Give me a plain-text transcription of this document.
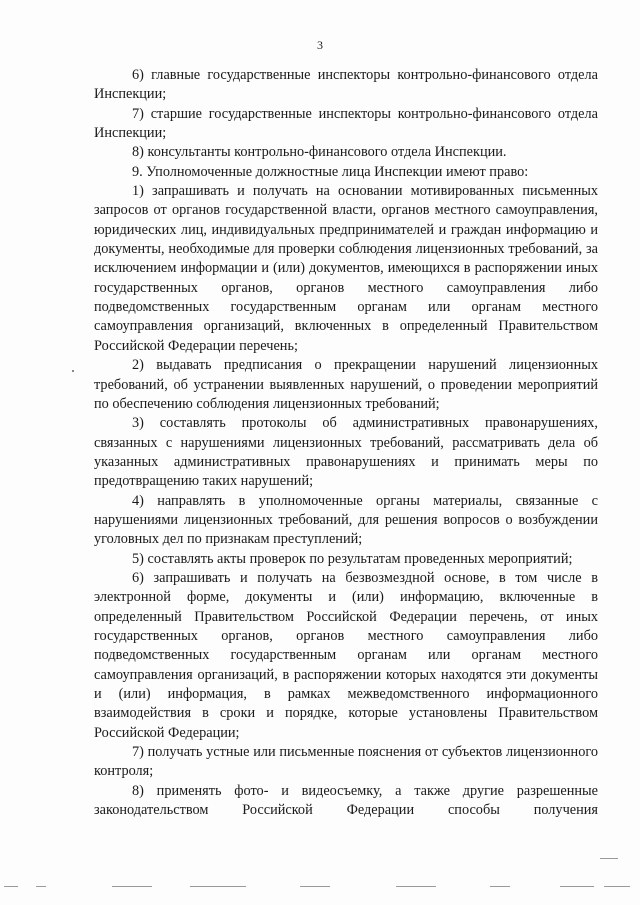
3

6) главные государственные инспекторы контрольно-финансового отдела Инспекции;

7) старшие государственные инспекторы контрольно-финансового отдела Инспекции;

8) консультанты контрольно-финансового отдела Инспекции.

9. Уполномоченные должностные лица Инспекции имеют право:

1) запрашивать и получать на основании мотивированных письменных запросов от органов государственной власти, органов местного самоуправления, юридических лиц, индивидуальных предпринимателей и граждан информацию и документы, необходимые для проверки соблюдения лицензионных требований, за исключением информации и (или) документов, имеющихся в распоряжении иных государственных органов, органов местного самоуправления либо подведомственных государственным органам или органам местного самоуправления организаций, включенных в определенный Правительством Российской Федерации перечень;

2) выдавать предписания о прекращении нарушений лицензионных требований, об устранении выявленных нарушений, о проведении мероприятий по обеспечению соблюдения лицензионных требований;

3) составлять протоколы об административных правонарушениях, связанных с нарушениями лицензионных требований, рассматривать дела об указанных административных правонарушениях и принимать меры по предотвращению таких нарушений;

4) направлять в уполномоченные органы материалы, связанные с нарушениями лицензионных требований, для решения вопросов о возбуждении уголовных дел по признакам преступлений;

5) составлять акты проверок по результатам проведенных мероприятий;

6) запрашивать и получать на безвозмездной основе, в том числе в электронной форме, документы и (или) информацию, включенные в определенный Правительством Российской Федерации перечень, от иных государственных органов, органов местного самоуправления либо подведомственных государственным органам или органам местного самоуправления организаций, в распоряжении которых находятся эти документы и (или) информация, в рамках межведомственного информационного взаимодействия в сроки и порядке, которые установлены Правительством Российской Федерации;

7) получать устные или письменные пояснения от субъектов лицензионного контроля;

8) применять фото- и видеосъемку, а также другие разрешенные законодательством Российской Федерации способы получения
